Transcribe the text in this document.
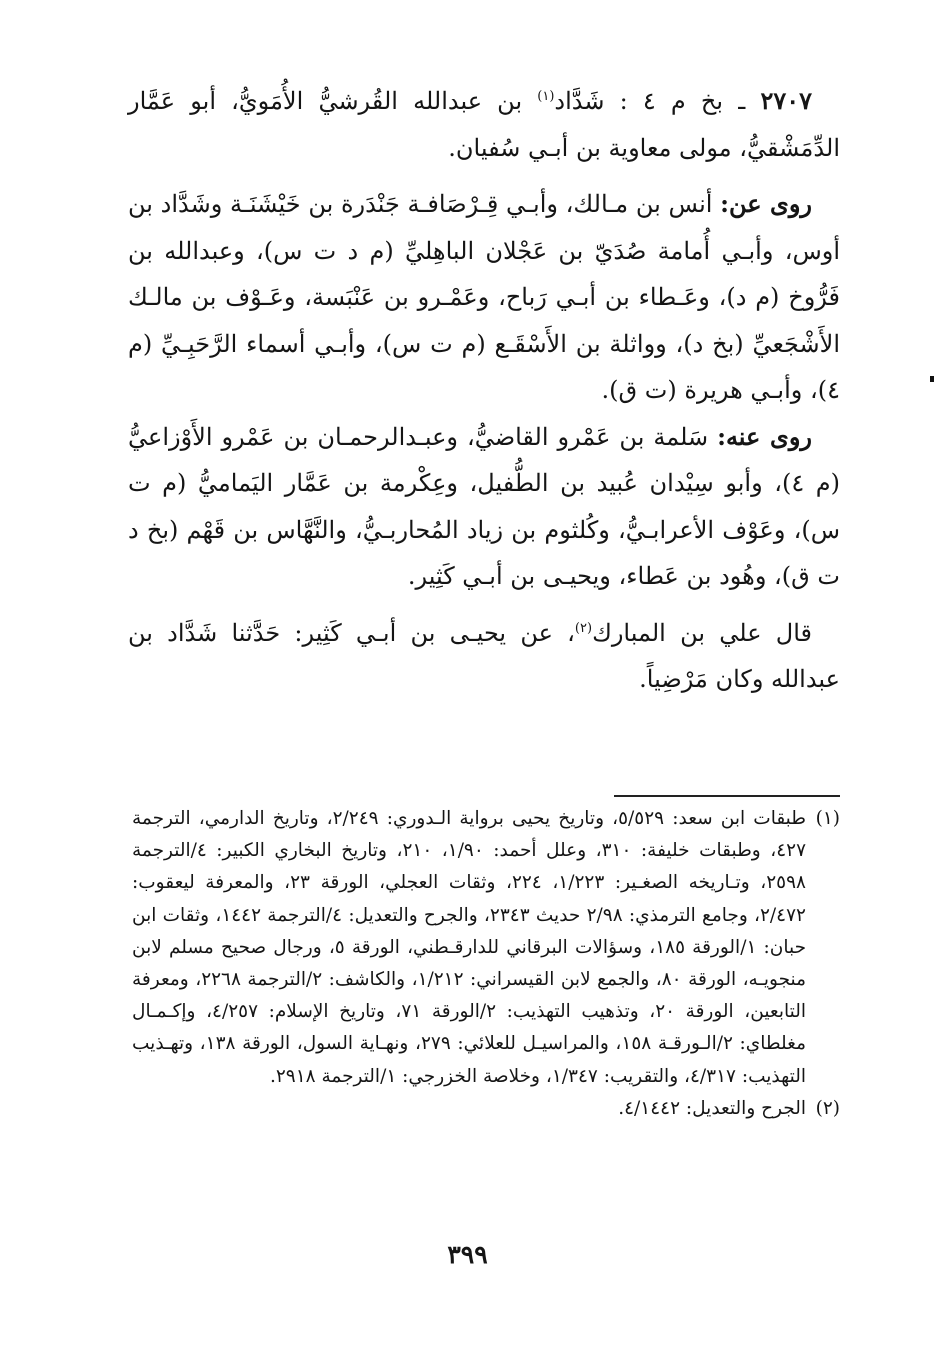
٢٧٠٧ ـ بخ م ٤ : شَدَّاد$^{(١)}$ بن عبدالله القُرشيُّ الأُمَويُّ، أبو عَمَّار الدِّمَشْقيُّ، مولى معاوية بن أبـي سُفيان.

روى عن: أنس بن مـالك، وأبـي قِـرْصَافـة جَنْدَرة بن خَيْشَنَـة وشَدَّاد بن أوس، وأبـي أُمامة صُدَيّ بن عَجْلان الباهِليِّ (م د ت س)، وعبدالله بن فَرُّوخ (م د)، وعَـطاء بن أبـي رَباح، وعَمْـرو بن عَنْبَسة، وعَـوْف بن مالـك الأَشْجَعيِّ (بخ د)، وواثلة بن الأَسْقَـع (م ت س)، وأبـي أسماء الرَّحَبِـيِّ (م ٤)، وأبـي هريرة (ت ق).

روى عنه: سَلمة بن عَمْرو القاضيُّ، وعبـدالرحمـان بن عَمْرو الأَوْزاعيُّ (م ٤)، وأبو سِيْدان عُبيد بن الطُّفيل، وعِكْرمة بن عَمَّار اليَماميُّ (م ت س)، وعَوْف الأعرابـيُّ، وكُلثوم بن زياد المُحاربـيُّ، والنَّهَّاس بن قَهْم (بخ د ت ق)، وهُود بن عَطاء، ويحيـى بن أبـي كَثِير.

قال علي بن المبارك$^{(٢)}$، عن يحيـى بن أبـي كَثِير: حَدَّثنا شَدَّاد بن عبدالله وكان مَرْضِياً.

(١)طبقات ابن سعد: ٥/٥٢٩، وتاريخ يحيى برواية الـدوري: ٢/٢٤٩، وتاريخ الدارمي، الترجمة ٤٢٧، وطبقات خليفة: ٣١٠، وعلل أحمد: ١/٩٠، ٢١٠، وتاريخ البخاري الكبير: ٤/الترجمة ٢٥٩٨، وتـاريخه الصغـير: ١/٢٢٣، ٢٢٤، وثقات العجلي، الورقة ٢٣، والمعرفة ليعقوب: ٢/٤٧٢، وجامع الترمذي: ٢/٩٨ حديث ٢٣٤٣، والجرح والتعديل: ٤/الترجمة ١٤٤٢، وثقات ابن حبان: ١/الورقة ١٨٥، وسؤالات البرقاني للدارقـطني، الورقة ٥، ورجال صحيح مسلم لابن منجويـه، الورقة ٨٠، والجمع لابن القيسراني: ١/٢١٢، والكاشف: ٢/الترجمة ٢٢٦٨، ومعرفة التابعين، الورقة ٢٠، وتذهيب التهذيب: ٢/الورقة ٧١، وتاريخ الإسلام: ٤/٢٥٧، وإكـمـال مغلطاي: ٢/الـورقـة ١٥٨، والمراسيـل للعلائي: ٢٧٩، ونهـاية السول، الورقة ١٣٨، وتهـذيب التهذيب: ٤/٣١٧، والتقريب: ١/٣٤٧، وخلاصة الخزرجي: ١/الترجمة ٢٩١٨.

(٢)الجرح والتعديل: ٤/١٤٤٢.

٣٩٩
